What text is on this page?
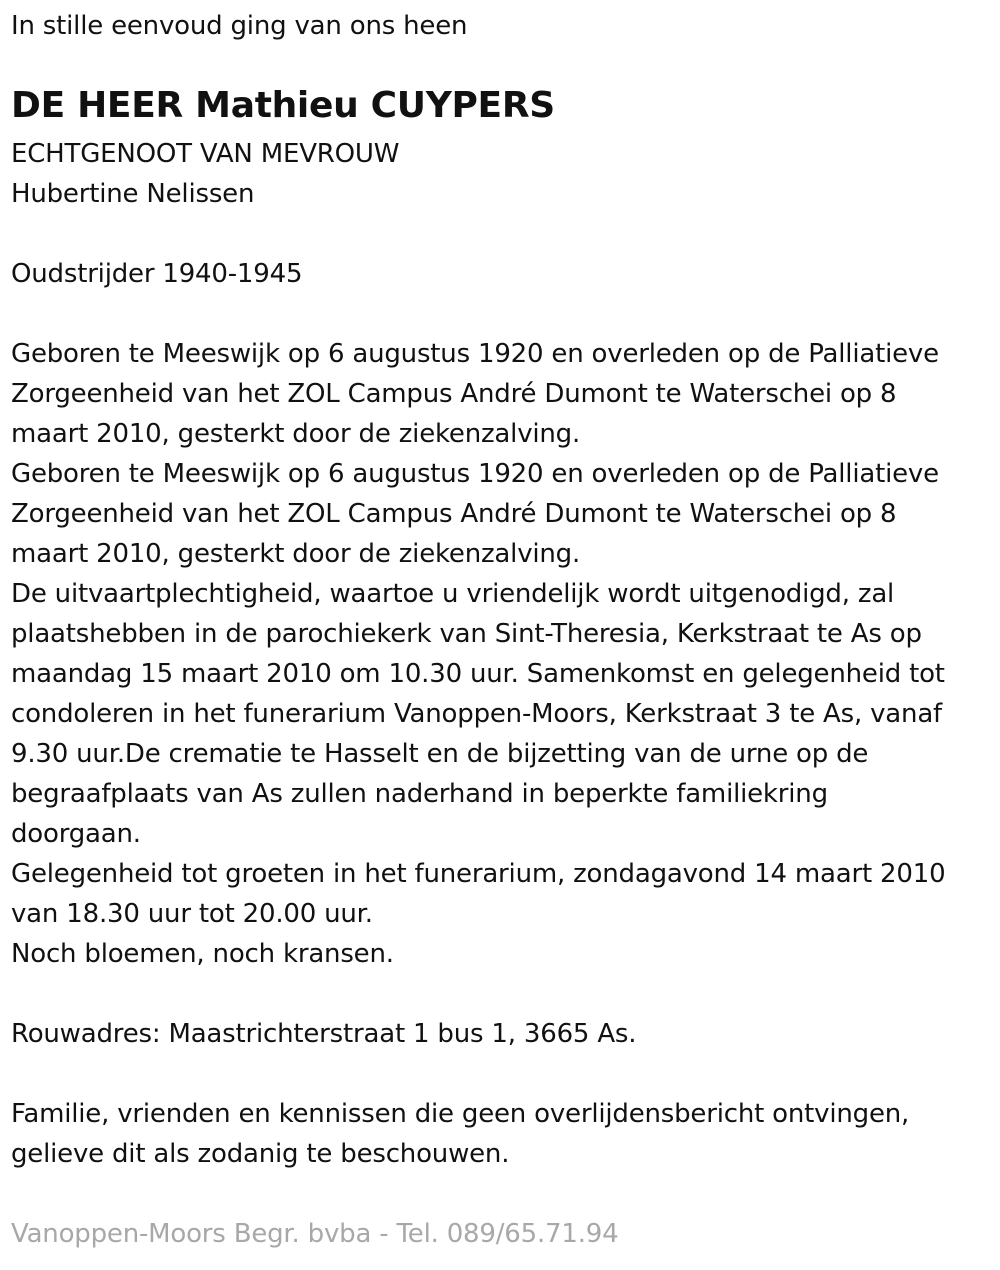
In stille eenvoud ging van ons heen
DE HEER Mathieu CUYPERS
ECHTGENOOT VAN MEVROUW
Hubertine Nelissen
Oudstrijder 1940-1945
Geboren te Meeswijk op 6 augustus 1920 en overleden op de Palliatieve
Zorgeenheid van het ZOL Campus André Dumont te Waterschei op 8
maart 2010, gesterkt door de ziekenzalving.
Geboren te Meeswijk op 6 augustus 1920 en overleden op de Palliatieve
Zorgeenheid van het ZOL Campus André Dumont te Waterschei op 8
maart 2010, gesterkt door de ziekenzalving.
De uitvaartplechtigheid, waartoe u vriendelijk wordt uitgenodigd, zal
plaatshebben in de parochiekerk van Sint-Theresia, Kerkstraat te As op
maandag 15 maart 2010 om 10.30 uur. Samenkomst en gelegenheid tot
condoleren in het funerarium Vanoppen-Moors, Kerkstraat 3 te As, vanaf
9.30 uur.De crematie te Hasselt en de bijzetting van de urne op de
begraafplaats van As zullen naderhand in beperkte familiekring
doorgaan.
Gelegenheid tot groeten in het funerarium, zondagavond 14 maart 2010
van 18.30 uur tot 20.00 uur.
Noch bloemen, noch kransen.
Rouwadres: Maastrichterstraat 1 bus 1, 3665 As.
Familie, vrienden en kennissen die geen overlijdensbericht ontvingen,
gelieve dit als zodanig te beschouwen.
Vanoppen-Moors Begr. bvba - Tel. 089/65.71.94
